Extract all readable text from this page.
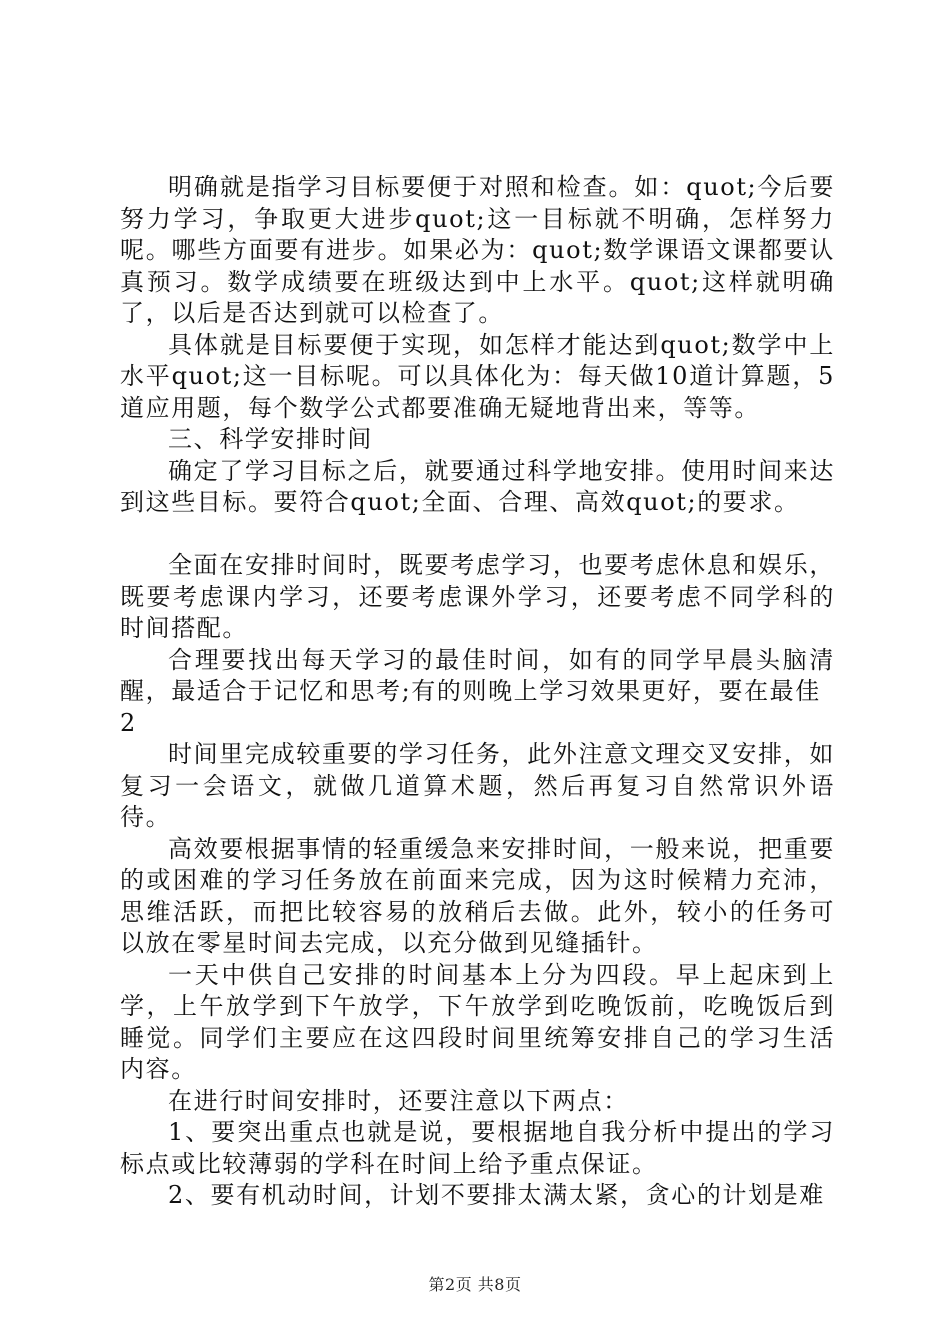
明确就是指学习目标要便于对照和检查。如：quot;今后要努力学习，争取更大进步quot;这一目标就不明确，怎样努力呢。哪些方面要有进步。如果必为：quot;数学课语文课都要认真预习。数学成绩要在班级达到中上水平。quot;这样就明确了，以后是否达到就可以检查了。

具体就是目标要便于实现，如怎样才能达到quot;数学中上水平quot;这一目标呢。可以具体化为：每天做10道计算题，5道应用题，每个数学公式都要准确无疑地背出来，等等。

三、科学安排时间

确定了学习目标之后，就要通过科学地安排。使用时间来达到这些目标。要符合quot;全面、合理、高效quot;的要求。

全面在安排时间时，既要考虑学习，也要考虑休息和娱乐，既要考虑课内学习，还要考虑课外学习，还要考虑不同学科的时间搭配。

合理要找出每天学习的最佳时间，如有的同学早晨头脑清醒，最适合于记忆和思考;有的则晚上学习效果更好，要在最佳

2

时间里完成较重要的学习任务，此外注意文理交叉安排，如复习一会语文，就做几道算术题，然后再复习自然常识外语待。

高效要根据事情的轻重缓急来安排时间，一般来说，把重要的或困难的学习任务放在前面来完成，因为这时候精力充沛，思维活跃，而把比较容易的放稍后去做。此外，较小的任务可以放在零星时间去完成，以充分做到见缝插针。

一天中供自己安排的时间基本上分为四段。早上起床到上学，上午放学到下午放学，下午放学到吃晚饭前，吃晚饭后到睡觉。同学们主要应在这四段时间里统筹安排自己的学习生活内容。

在进行时间安排时，还要注意以下两点：

1、要突出重点也就是说，要根据地自我分析中提出的学习标点或比较薄弱的学科在时间上给予重点保证。

2、要有机动时间，计划不要排太满太紧，贪心的计划是难

第2页 共8页
